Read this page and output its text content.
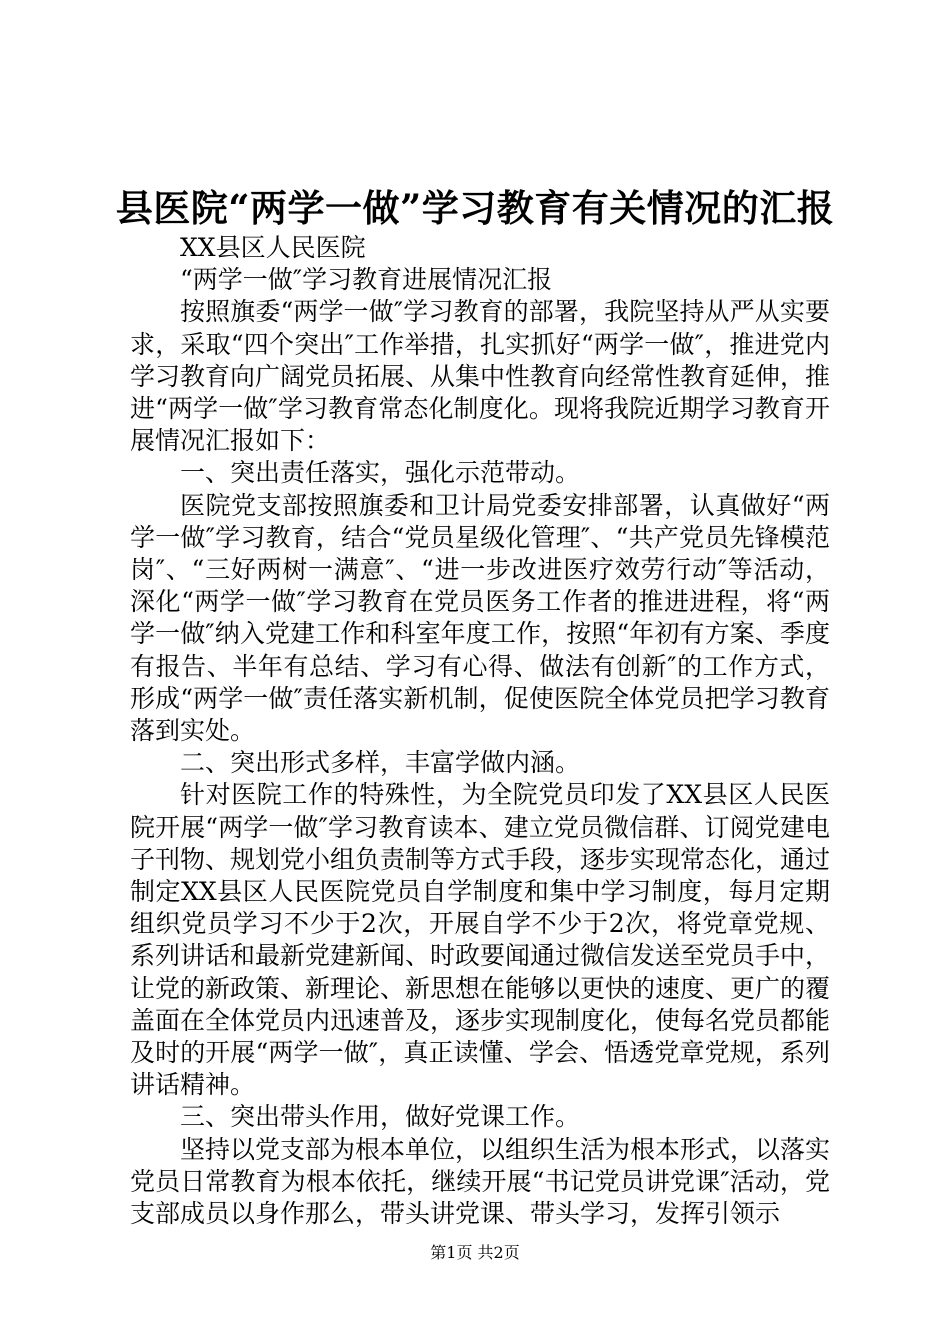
县医院“两学一做”学习教育有关情况的汇报

XX县区人民医院

“两学一做″学习教育进展情况汇报

按照旗委“两学一做″学习教育的部署，我院坚持从严从实要求，采取“四个突出″工作举措，扎实抓好“两学一做″，推进党内学习教育向广阔党员拓展、从集中性教育向经常性教育延伸，推进“两学一做″学习教育常态化制度化。现将我院近期学习教育开展情况汇报如下：

一、突出责任落实，强化示范带动。

医院党支部按照旗委和卫计局党委安排部署，认真做好“两学一做″学习教育，结合“党员星级化管理″、“共产党员先锋模范岗″、“三好两树一满意″、“进一步改进医疗效劳行动″等活动，深化“两学一做″学习教育在党员医务工作者的推进进程，将“两学一做″纳入党建工作和科室年度工作，按照“年初有方案、季度有报告、半年有总结、学习有心得、做法有创新″的工作方式，形成“两学一做″责任落实新机制，促使医院全体党员把学习教育落到实处。

二、突出形式多样，丰富学做内涵。

针对医院工作的特殊性，为全院党员印发了XX县区人民医院开展“两学一做″学习教育读本、建立党员微信群、订阅党建电子刊物、规划党小组负责制等方式手段，逐步实现常态化，通过制定XX县区人民医院党员自学制度和集中学习制度，每月定期组织党员学习不少于2次，开展自学不少于2次，将党章党规、系列讲话和最新党建新闻、时政要闻通过微信发送至党员手中，让党的新政策、新理论、新思想在能够以更快的速度、更广的覆盖面在全体党员内迅速普及，逐步实现制度化，使每名党员都能及时的开展“两学一做″，真正读懂、学会、悟透党章党规，系列讲话精神。

三、突出带头作用，做好党课工作。

坚持以党支部为根本单位，以组织生活为根本形式，以落实党员日常教育为根本依托，继续开展“书记党员讲党课″活动，党支部成员以身作那么，带头讲党课、带头学习，发挥引领示

第1页 共2页
